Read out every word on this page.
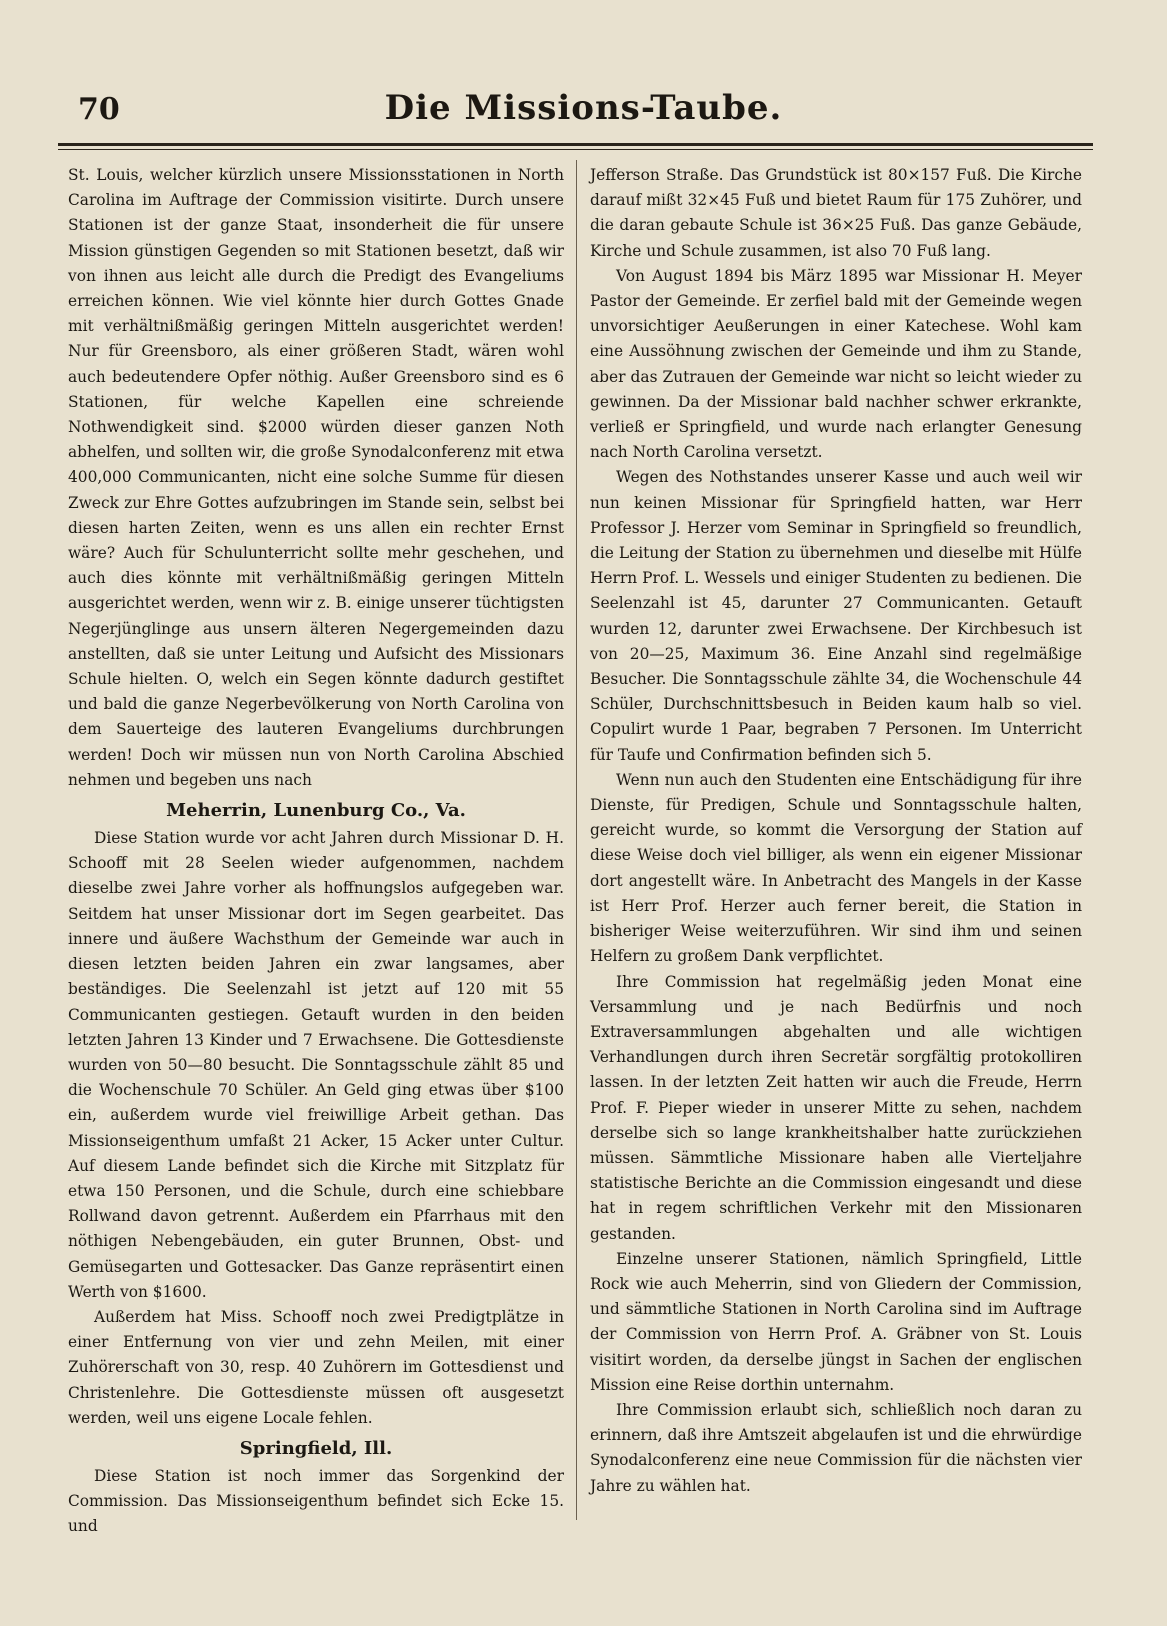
70	Die Missions-Taube.

St. Louis, welcher kürzlich unsere Missionsstationen in North Carolina im Auftrage der Commission visitirte. Durch unsere Stationen ist der ganze Staat, insonderheit die für unsere Mission günstigen Gegenden so mit Stationen besetzt, daß wir von ihnen aus leicht alle durch die Predigt des Evangeliums erreichen können. Wie viel könnte hier durch Gottes Gnade mit verhältnißmäßig geringen Mitteln ausgerichtet werden! Nur für Greensboro, als einer größeren Stadt, wären wohl auch bedeutendere Opfer nöthig. Außer Greensboro sind es 6 Stationen, für welche Kapellen eine schreiende Nothwendigkeit sind. $2000 würden dieser ganzen Noth abhelfen, und sollten wir, die große Synodalconferenz mit etwa 400,000 Communicanten, nicht eine solche Summe für diesen Zweck zur Ehre Gottes aufzubringen im Stande sein, selbst bei diesen harten Zeiten, wenn es uns allen ein rechter Ernst wäre? Auch für Schulunterricht sollte mehr geschehen, und auch dies könnte mit verhältnißmäßig geringen Mitteln ausgerichtet werden, wenn wir z. B. einige unserer tüchtigsten Negerjünglinge aus unsern älteren Negergemeinden dazu anstellten, daß sie unter Leitung und Aufsicht des Missionars Schule hielten. O, welch ein Segen könnte dadurch gestiftet und bald die ganze Negerbevölkerung von North Carolina von dem Sauerteige des lauteren Evangeliums durchbrungen werden! Doch wir müssen nun von North Carolina Abschied nehmen und begeben uns nach

Meherrin, Lunenburg Co., Va.

Diese Station wurde vor acht Jahren durch Missionar D. H. Schooff mit 28 Seelen wieder aufgenommen, nachdem dieselbe zwei Jahre vorher als hoffnungslos aufgegeben war. Seitdem hat unser Missionar dort im Segen gearbeitet. Das innere und äußere Wachsthum der Gemeinde war auch in diesen letzten beiden Jahren ein zwar langsames, aber beständiges. Die Seelenzahl ist jetzt auf 120 mit 55 Communicanten gestiegen. Getauft wurden in den beiden letzten Jahren 13 Kinder und 7 Erwachsene. Die Gottesdienste wurden von 50—80 besucht. Die Sonntagsschule zählt 85 und die Wochenschule 70 Schüler. An Geld ging etwas über $100 ein, außerdem wurde viel freiwillige Arbeit gethan. Das Missionseigenthum umfaßt 21 Acker, 15 Acker unter Cultur. Auf diesem Lande befindet sich die Kirche mit Sitzplatz für etwa 150 Personen, und die Schule, durch eine schiebbare Rollwand davon getrennt. Außerdem ein Pfarrhaus mit den nöthigen Nebengebäuden, ein guter Brunnen, Obst- und Gemüsegarten und Gottesacker. Das Ganze repräsentirt einen Werth von $1600.

Außerdem hat Miss. Schooff noch zwei Predigtplätze in einer Entfernung von vier und zehn Meilen, mit einer Zuhörerschaft von 30, resp. 40 Zuhörern im Gottesdienst und Christenlehre. Die Gottesdienste müssen oft ausgesetzt werden, weil uns eigene Locale fehlen.

Springfield, Ill.

Diese Station ist noch immer das Sorgenkind der Commission. Das Missionseigenthum befindet sich Ecke 15. und

Jefferson Straße. Das Grundstück ist 80×157 Fuß. Die Kirche darauf mißt 32×45 Fuß und bietet Raum für 175 Zuhörer, und die daran gebaute Schule ist 36×25 Fuß. Das ganze Gebäude, Kirche und Schule zusammen, ist also 70 Fuß lang.

Von August 1894 bis März 1895 war Missionar H. Meyer Pastor der Gemeinde. Er zerfiel bald mit der Gemeinde wegen unvorsichtiger Aeußerungen in einer Katechese. Wohl kam eine Aussöhnung zwischen der Gemeinde und ihm zu Stande, aber das Zutrauen der Gemeinde war nicht so leicht wieder zu gewinnen. Da der Missionar bald nachher schwer erkrankte, verließ er Springfield, und wurde nach erlangter Genesung nach North Carolina versetzt.

Wegen des Nothstandes unserer Kasse und auch weil wir nun keinen Missionar für Springfield hatten, war Herr Professor J. Herzer vom Seminar in Springfield so freundlich, die Leitung der Station zu übernehmen und dieselbe mit Hülfe Herrn Prof. L. Wessels und einiger Studenten zu bedienen. Die Seelenzahl ist 45, darunter 27 Communicanten. Getauft wurden 12, darunter zwei Erwachsene. Der Kirchbesuch ist von 20—25, Maximum 36. Eine Anzahl sind regelmäßige Besucher. Die Sonntagsschule zählte 34, die Wochenschule 44 Schüler, Durchschnittsbesuch in Beiden kaum halb so viel. Copulirt wurde 1 Paar, begraben 7 Personen. Im Unterricht für Taufe und Confirmation befinden sich 5.

Wenn nun auch den Studenten eine Entschädigung für ihre Dienste, für Predigen, Schule und Sonntagsschule halten, gereicht wurde, so kommt die Versorgung der Station auf diese Weise doch viel billiger, als wenn ein eigener Missionar dort angestellt wäre. In Anbetracht des Mangels in der Kasse ist Herr Prof. Herzer auch ferner bereit, die Station in bisheriger Weise weiterzuführen. Wir sind ihm und seinen Helfern zu großem Dank verpflichtet.

Ihre Commission hat regelmäßig jeden Monat eine Versammlung und je nach Bedürfnis und noch Extraversammlungen abgehalten und alle wichtigen Verhandlungen durch ihren Secretär sorgfältig protokolliren lassen. In der letzten Zeit hatten wir auch die Freude, Herrn Prof. F. Pieper wieder in unserer Mitte zu sehen, nachdem derselbe sich so lange krankheitshalber hatte zurückziehen müssen. Sämmtliche Missionare haben alle Vierteljahre statistische Berichte an die Commission eingesandt und diese hat in regem schriftlichen Verkehr mit den Missionaren gestanden.

Einzelne unserer Stationen, nämlich Springfield, Little Rock wie auch Meherrin, sind von Gliedern der Commission, und sämmtliche Stationen in North Carolina sind im Auftrage der Commission von Herrn Prof. A. Gräbner von St. Louis visitirt worden, da derselbe jüngst in Sachen der englischen Mission eine Reise dorthin unternahm.

Ihre Commission erlaubt sich, schließlich noch daran zu erinnern, daß ihre Amtszeit abgelaufen ist und die ehrwürdige Synodalconferenz eine neue Commission für die nächsten vier Jahre zu wählen hat.
